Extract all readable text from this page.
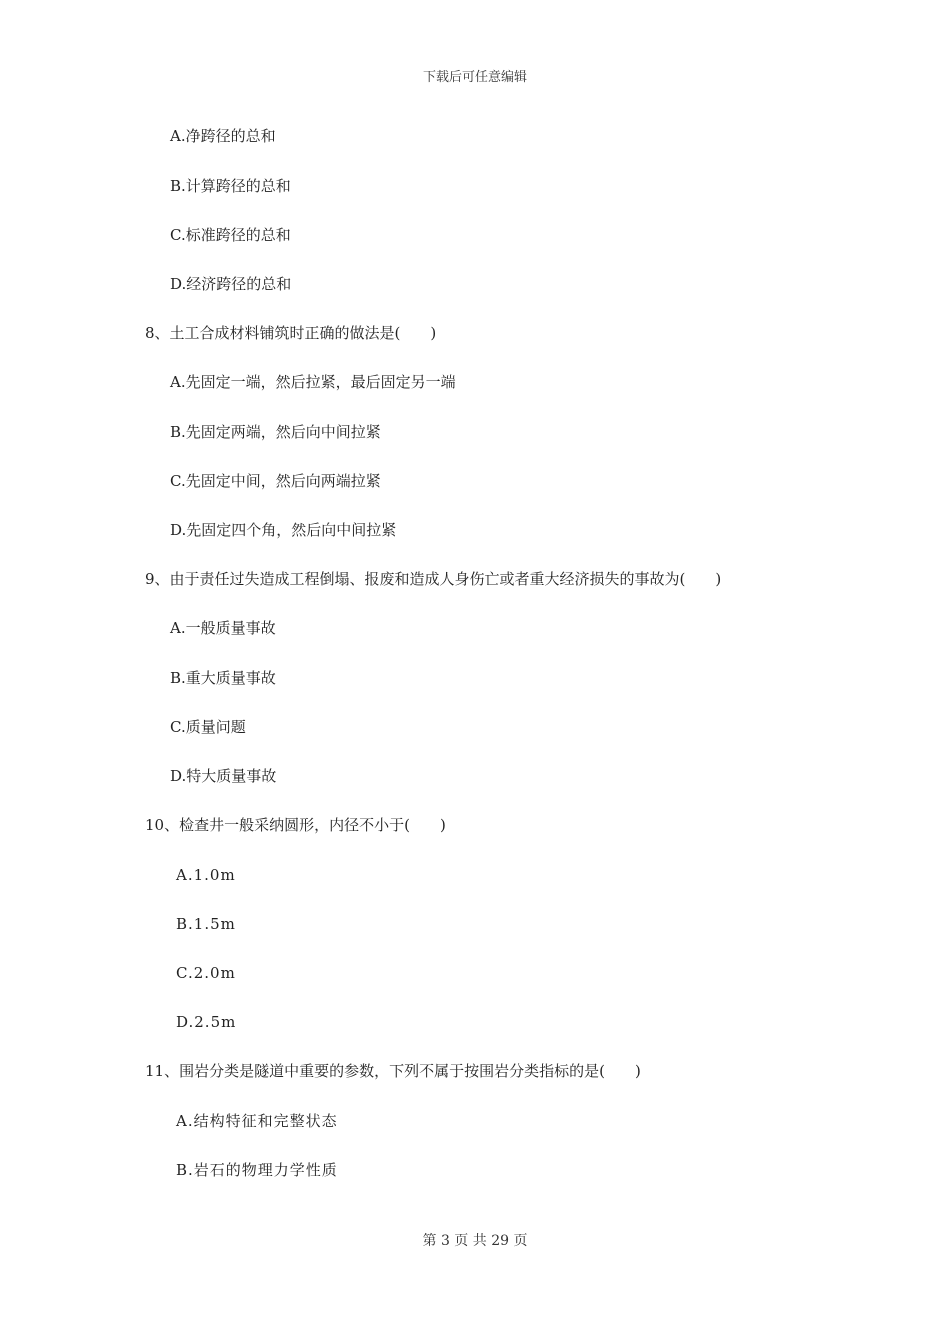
下载后可任意编辑
A.净跨径的总和
B.计算跨径的总和
C.标准跨径的总和
D.经济跨径的总和
8、土工合成材料铺筑时正确的做法是(　　)
A.先固定一端，然后拉紧，最后固定另一端
B.先固定两端，然后向中间拉紧
C.先固定中间，然后向两端拉紧
D.先固定四个角，然后向中间拉紧
9、由于责任过失造成工程倒塌、报废和造成人身伤亡或者重大经济损失的事故为(　　)
A.一般质量事故
B.重大质量事故
C.质量问题
D.特大质量事故
10、检查井一般采纳圆形，内径不小于(　　)
A.1.0m
B.1.5m
C.2.0m
D.2.5m
11、围岩分类是隧道中重要的参数，下列不属于按围岩分类指标的是(　　)
A.结构特征和完整状态
B.岩石的物理力学性质
第 3 页 共 29 页
